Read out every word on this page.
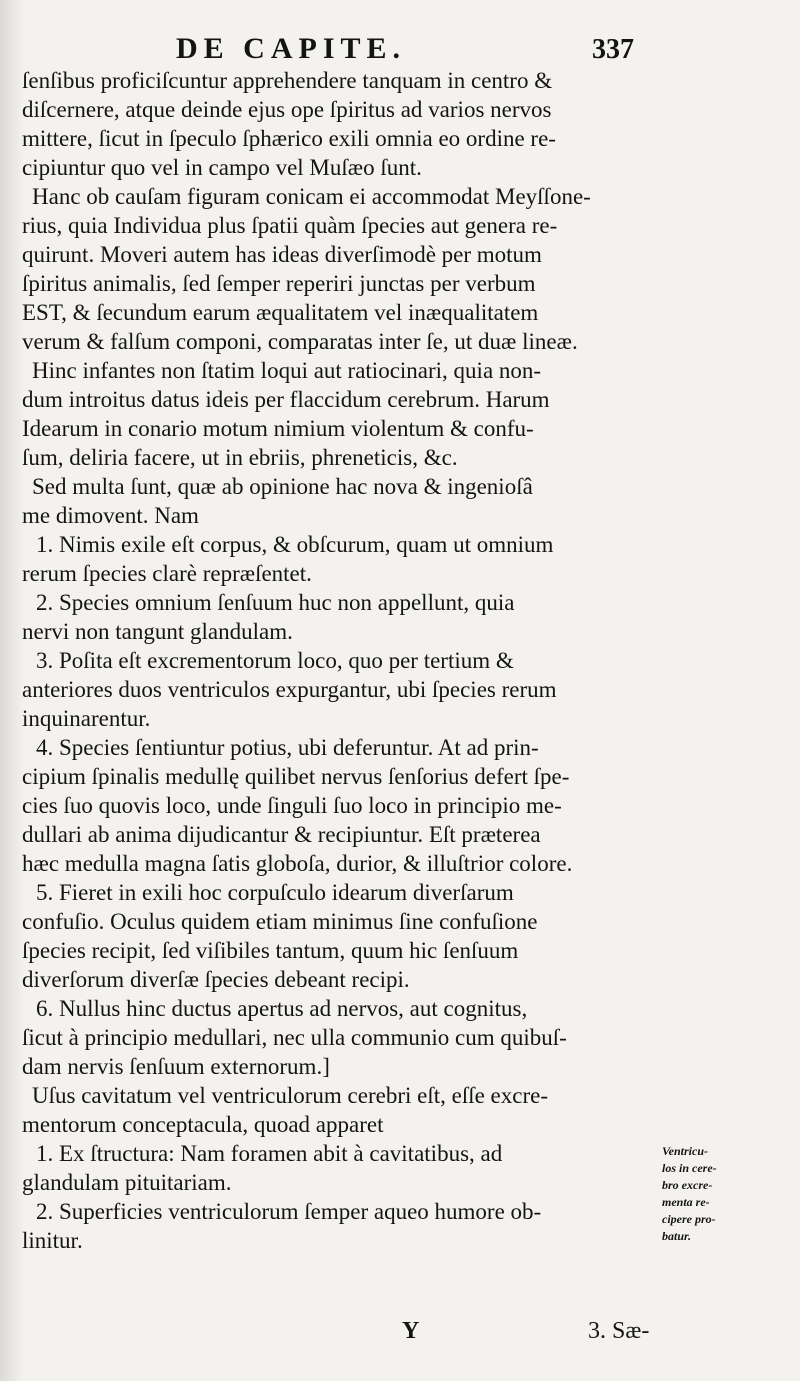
DE CAPITE.	337

ſenſibus proficiſcuntur apprehendere tanquam in centro &

diſcernere, atque deinde ejus ope ſpiritus ad varios nervos

mittere, ſicut in ſpeculo ſphærico exili omnia eo ordine re-

cipiuntur quo vel in campo vel Muſæo ſunt.

Hanc ob cauſam figuram conicam ei accommodat Meyſſone-

rius, quia Individua plus ſpatii quàm ſpecies aut genera re-

quirunt. Moveri autem has ideas diverſimodè per motum

ſpiritus animalis, ſed ſemper reperiri junctas per verbum

EST, & ſecundum earum æqualitatem vel inæqualitatem

verum & falſum componi, comparatas inter ſe, ut duæ lineæ.

Hinc infantes non ſtatim loqui aut ratiocinari, quia non-

dum introitus datus ideis per flaccidum cerebrum. Harum

Idearum in conario motum nimium violentum & confu-

ſum, deliria facere, ut in ebriis, phreneticis, &c.

Sed multa ſunt, quæ ab opinione hac nova & ingenioſâ

me dimovent. Nam

1. Nimis exile eſt corpus, & obſcurum, quam ut omnium

rerum ſpecies clarè repræſentet.

2. Species omnium ſenſuum huc non appellunt, quia

nervi non tangunt glandulam.

3. Poſita eſt excrementorum loco, quo per tertium &

anteriores duos ventriculos expurgantur, ubi ſpecies rerum

inquinarentur.

4. Species ſentiuntur potius, ubi deferuntur. At ad prin-

cipium ſpinalis medullę quilibet nervus ſenſorius defert ſpe-

cies ſuo quovis loco, unde ſinguli ſuo loco in principio me-

dullari ab anima dijudicantur & recipiuntur. Eſt præterea

hæc medulla magna ſatis globoſa, durior, & illuſtrior colore.

5. Fieret in exili hoc corpuſculo idearum diverſarum

confuſio. Oculus quidem etiam minimus ſine confuſione

ſpecies recipit, ſed viſibiles tantum, quum hic ſenſuum

diverſorum diverſæ ſpecies debeant recipi.

6. Nullus hinc ductus apertus ad nervos, aut cognitus,

ſicut à principio medullari, nec ulla communio cum quibuſ-

dam nervis ſenſuum externorum.]

Uſus cavitatum vel ventriculorum cerebri eſt, eſſe excre-

mentorum conceptacula, quoad apparet

1. Ex ſtructura: Nam foramen abit à cavitatibus, ad

glandulam pituitariam.

2. Superficies ventriculorum ſemper aqueo humore ob-

linitur.

Ventricu-
los in cere-
bro excre-
menta re-
cipere pro-
batur.
Y	3. Sæ-
